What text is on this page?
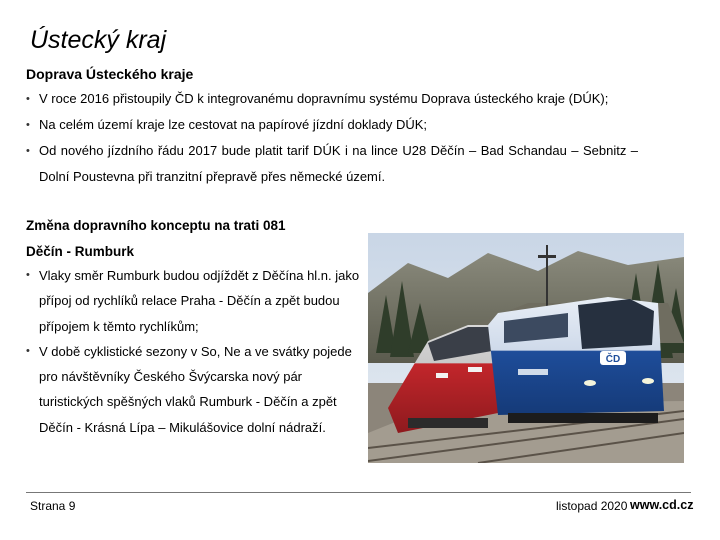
Ústecký kraj
Doprava Ústeckého kraje
• V roce 2016 přistoupily ČD k integrovanému dopravnímu systému Doprava ústeckého kraje (DÚK);
• Na celém území kraje lze cestovat na papírové jízdní doklady DÚK;
• Od nového jízdního řádu 2017 bude platit tarif DÚK i na lince U28 Děčín – Bad Schandau – Sebnitz – Dolní Poustevna při tranzitní přepravě přes německé území.
Změna dopravního konceptu na trati 081
Děčín - Rumburk
• Vlaky směr Rumburk budou odjíždět z Děčína hl.n. jako přípoj od rychlíků relace Praha - Děčín a zpět budou přípojem k těmto rychlíkům;
• V době cyklistické sezony v So, Ne a ve svátky pojede pro návštěvníky Českého Švýcarska nový pár turistických spěšných vlaků Rumburk - Děčín a zpět Děčín - Krásná Lípa – Mikulášovice dolní nádraží.
ČD
Strana 9	listopad 2020 www.cd.cz
